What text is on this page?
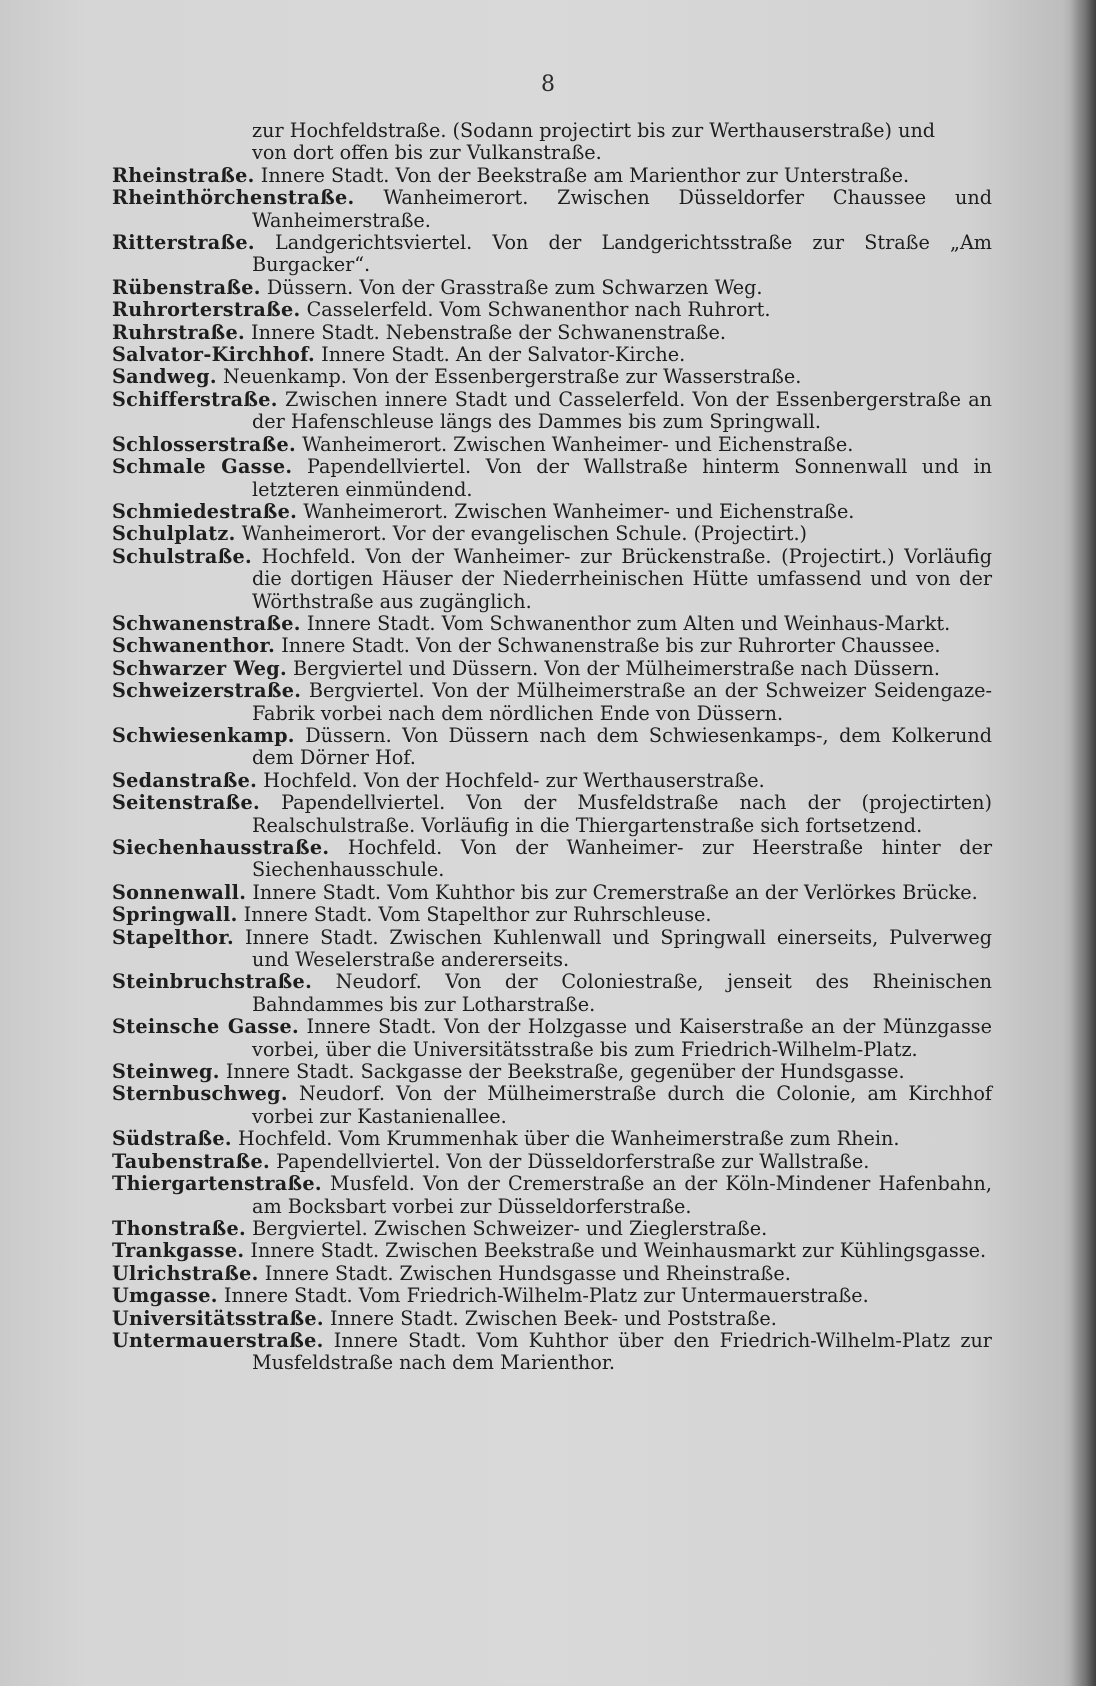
8

zur Hochfeldstraße. (Sodann projectirt bis zur Werthauserstraße) und

von dort offen bis zur Vulkanstraße.

Rheinstraße. Innere Stadt. Von der Beekstraße am Marienthor zur Unterstraße.

Rheinthörchenstraße. Wanheimerort. Zwischen Düsseldorfer Chaussee und Wanheimerstraße.

Ritterstraße. Landgerichtsviertel. Von der Landgerichtsstraße zur Straße „Am Burgacker“.

Rübenstraße. Düssern. Von der Grasstraße zum Schwarzen Weg.

Ruhrorterstraße. Casselerfeld. Vom Schwanenthor nach Ruhrort.

Ruhrstraße. Innere Stadt. Nebenstraße der Schwanenstraße.

Salvator-Kirchhof. Innere Stadt. An der Salvator-Kirche.

Sandweg. Neuenkamp. Von der Essenbergerstraße zur Wasserstraße.

Schifferstraße. Zwischen innere Stadt und Casselerfeld. Von der Essenbergerstraße an der Hafenschleuse längs des Dammes bis zum Springwall.

Schlosserstraße. Wanheimerort. Zwischen Wanheimer- und Eichenstraße.

Schmale Gasse. Papendellviertel. Von der Wallstraße hinterm Sonnenwall und in letzteren einmündend.

Schmiedestraße. Wanheimerort. Zwischen Wanheimer- und Eichenstraße.

Schulplatz. Wanheimerort. Vor der evangelischen Schule. (Projectirt.)

Schulstraße. Hochfeld. Von der Wanheimer- zur Brückenstraße. (Projectirt.) Vorläufig die dortigen Häuser der Niederrheinischen Hütte umfassend und von der Wörthstraße aus zugänglich.

Schwanenstraße. Innere Stadt. Vom Schwanenthor zum Alten und Weinhaus-Markt.

Schwanenthor. Innere Stadt. Von der Schwanenstraße bis zur Ruhrorter Chaussee.

Schwarzer Weg. Bergviertel und Düssern. Von der Mülheimerstraße nach Düssern.

Schweizerstraße. Bergviertel. Von der Mülheimerstraße an der Schweizer Seidengaze-Fabrik vorbei nach dem nördlichen Ende von Düssern.

Schwiesenkamp. Düssern. Von Düssern nach dem Schwiesenkamps-, dem Kolkerund dem Dörner Hof.

Sedanstraße. Hochfeld. Von der Hochfeld- zur Werthauserstraße.

Seitenstraße. Papendellviertel. Von der Musfeldstraße nach der (projectirten) Realschulstraße. Vorläufig in die Thiergartenstraße sich fortsetzend.

Siechenhausstraße. Hochfeld. Von der Wanheimer- zur Heerstraße hinter der Siechenhausschule.

Sonnenwall. Innere Stadt. Vom Kuhthor bis zur Cremerstraße an der Verlörkes Brücke.

Springwall. Innere Stadt. Vom Stapelthor zur Ruhrschleuse.

Stapelthor. Innere Stadt. Zwischen Kuhlenwall und Springwall einerseits, Pulverweg und Weselerstraße andererseits.

Steinbruchstraße. Neudorf. Von der Coloniestraße, jenseit des Rheinischen Bahndammes bis zur Lotharstraße.

Steinsche Gasse. Innere Stadt. Von der Holzgasse und Kaiserstraße an der Münzgasse vorbei, über die Universitätsstraße bis zum Friedrich-Wilhelm-Platz.

Steinweg. Innere Stadt. Sackgasse der Beekstraße, gegenüber der Hundsgasse.

Sternbuschweg. Neudorf. Von der Mülheimerstraße durch die Colonie, am Kirchhof vorbei zur Kastanienallee.

Südstraße. Hochfeld. Vom Krummenhak über die Wanheimerstraße zum Rhein.

Taubenstraße. Papendellviertel. Von der Düsseldorferstraße zur Wallstraße.

Thiergartenstraße. Musfeld. Von der Cremerstraße an der Köln-Mindener Hafenbahn, am Bocksbart vorbei zur Düsseldorferstraße.

Thonstraße. Bergviertel. Zwischen Schweizer- und Zieglerstraße.

Trankgasse. Innere Stadt. Zwischen Beekstraße und Weinhausmarkt zur Kühlingsgasse.

Ulrichstraße. Innere Stadt. Zwischen Hundsgasse und Rheinstraße.

Umgasse. Innere Stadt. Vom Friedrich-Wilhelm-Platz zur Untermauerstraße.

Universitätsstraße. Innere Stadt. Zwischen Beek- und Poststraße.

Untermauerstraße. Innere Stadt. Vom Kuhthor über den Friedrich-Wilhelm-Platz zur Musfeldstraße nach dem Marienthor.
